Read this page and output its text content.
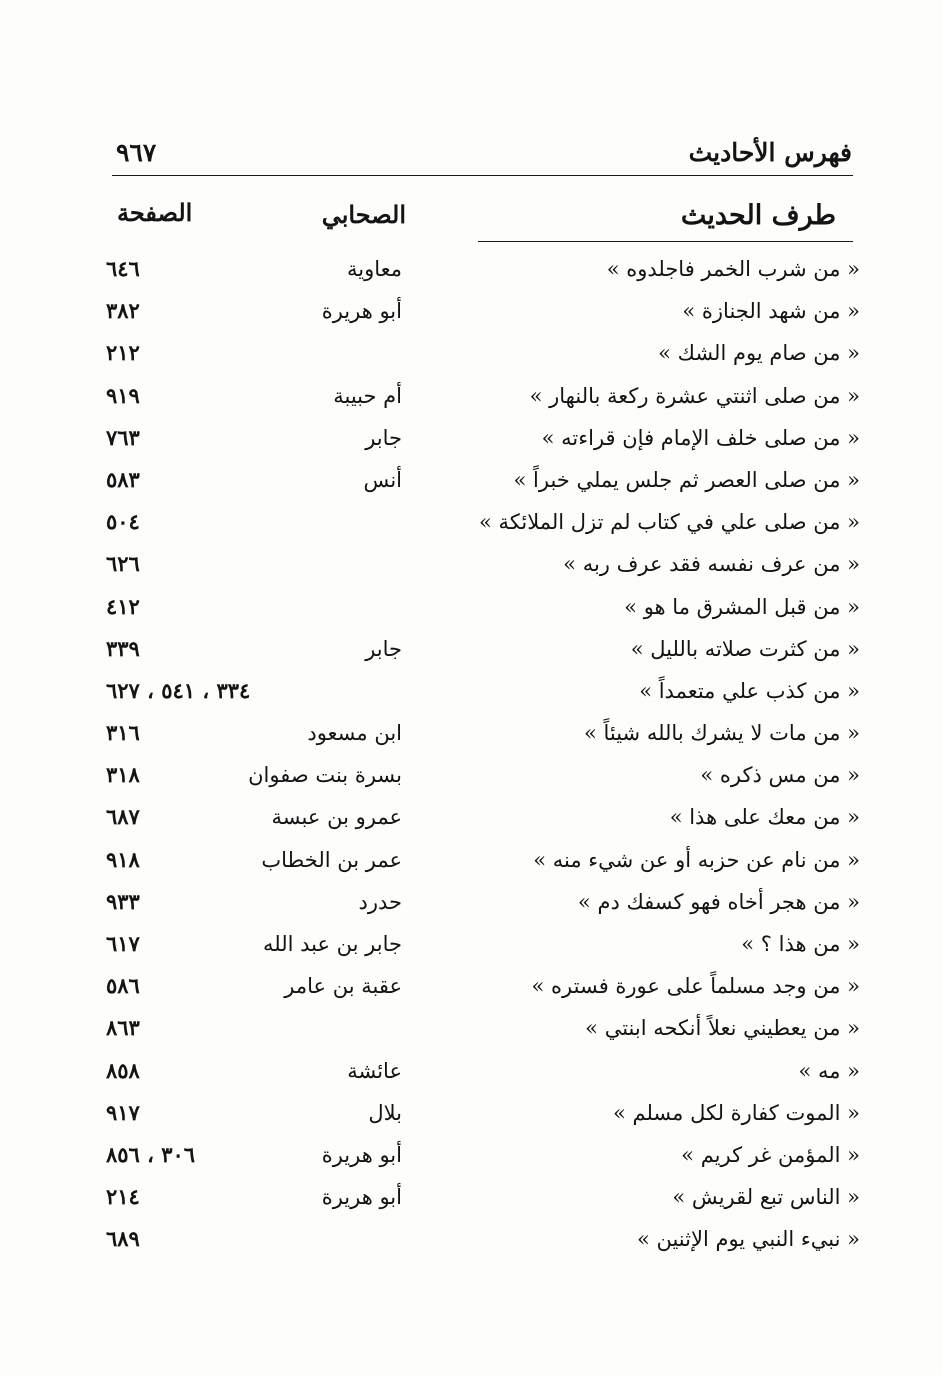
فهرس الأحاديث
٩٦٧
طرف الحديث
الصحابي
الصفحة
« من شرب الخمر فاجلدوه »
معاوية
٦٤٦
« من شهد الجنازة »
أبو هريرة
٣٨٢
« من صام يوم الشك »
٢١٢
« من صلى اثنتي عشرة ركعة بالنهار »
أم حبيبة
٩١٩
« من صلى خلف الإمام فإن قراءته »
جابر
٧٦٣
« من صلى العصر ثم جلس يملي خبراً »
أنس
٥٨٣
« من صلى علي في كتاب لم تزل الملائكة »
٥٠٤
« من عرف نفسه فقد عرف ربه »
٦٢٦
« من قبل المشرق ما هو »
٤١٢
« من كثرت صلاته بالليل »
جابر
٣٣٩
« من كذب علي متعمداً »
٣٣٤ ، ٥٤١ ، ٦٢٧
« من مات لا يشرك بالله شيئاً »
ابن مسعود
٣١٦
« من مس ذكره »
بسرة بنت صفوان
٣١٨
« من معك على هذا »
عمرو بن عبسة
٦٨٧
« من نام عن حزبه أو عن شيء منه »
عمر بن الخطاب
٩١٨
« من هجر أخاه فهو كسفك دم »
حدرد
٩٣٣
« من هذا ؟ »
جابر بن عبد الله
٦١٧
« من وجد مسلماً على عورة فستره »
عقبة بن عامر
٥٨٦
« من يعطيني نعلاً أنكحه ابنتي »
٨٦٣
« مه »
عائشة
٨٥٨
« الموت كفارة لكل مسلم »
بلال
٩١٧
« المؤمن غر كريم »
أبو هريرة
٣٠٦ ، ٨٥٦
« الناس تبع لقريش »
أبو هريرة
٢١٤
« نبيء النبي يوم الإثنين »
٦٨٩
